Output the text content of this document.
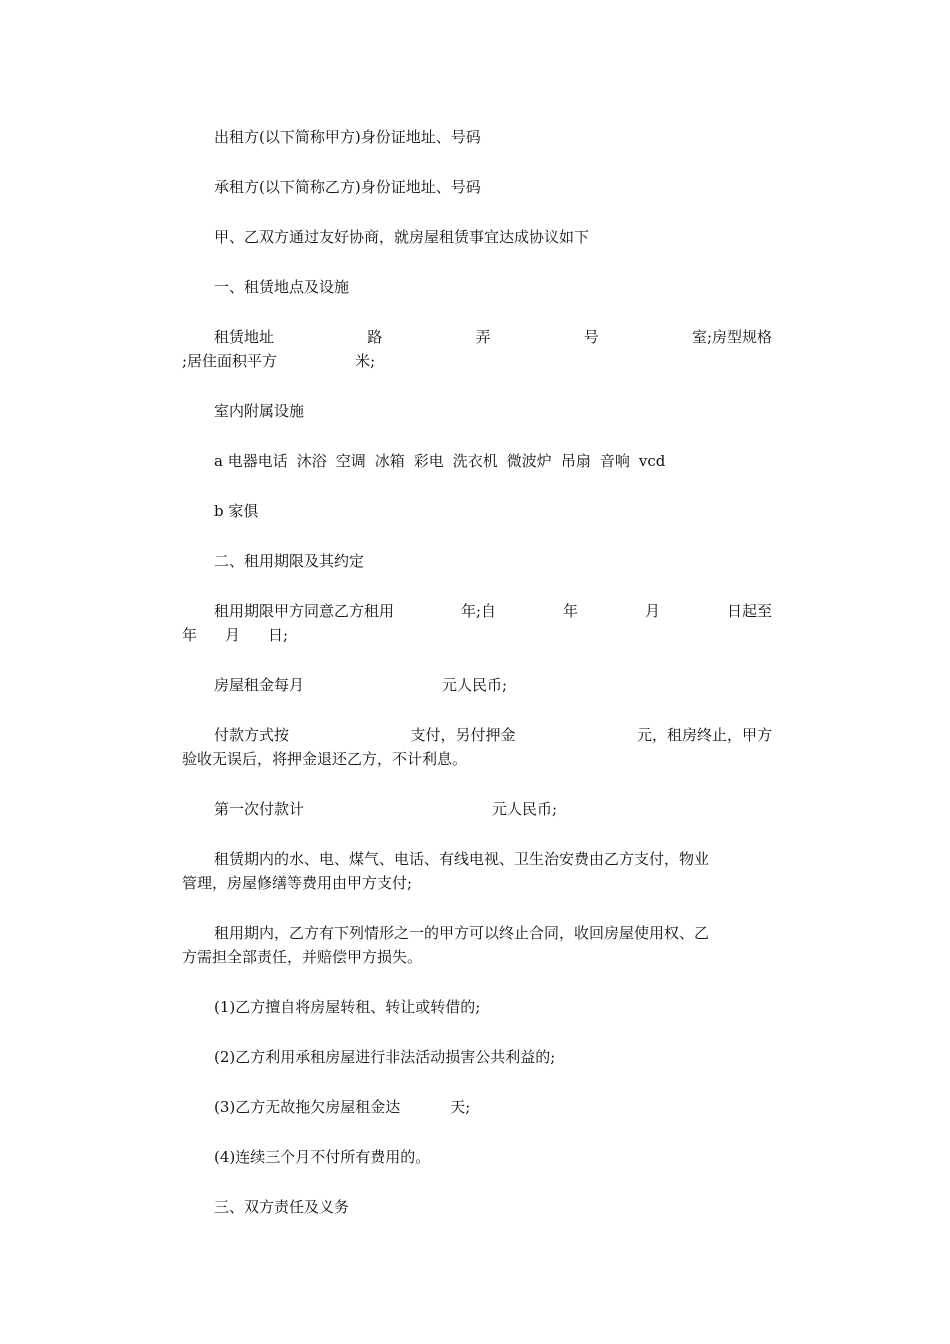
出租方(以下简称甲方)身份证地址、号码
承租方(以下简称乙方)身份证地址、号码
甲、乙双方通过友好协商，就房屋租赁事宜达成协议如下
一、租赁地点及设施
租赁地址	路	弄	号	室;房型规格
;居住面积平方	米;
室内附属设施
a 电器电话 沐浴 空调 冰箱 彩电 洗衣机 微波炉 吊扇 音响 vcd
b 家俱
二、租用期限及其约定
租用期限甲方同意乙方租用	年;自	年	月	日起至
年 月 日;
房屋租金每月	元人民币;
付款方式按	支付，另付押金	元，租房终止，甲方
验收无误后，将押金退还乙方，不计利息。
第一次付款计	元人民币;
租赁期内的水、电、煤气、电话、有线电视、卫生治安费由乙方支付，物业
管理，房屋修缮等费用由甲方支付;
租用期内，乙方有下列情形之一的甲方可以终止合同，收回房屋使用权、乙
方需担全部责任，并赔偿甲方损失。
(1)乙方擅自将房屋转租、转让或转借的;
(2)乙方利用承租房屋进行非法活动损害公共利益的;
(3)乙方无故拖欠房屋租金达	天;
(4)连续三个月不付所有费用的。
三、双方责任及义务
